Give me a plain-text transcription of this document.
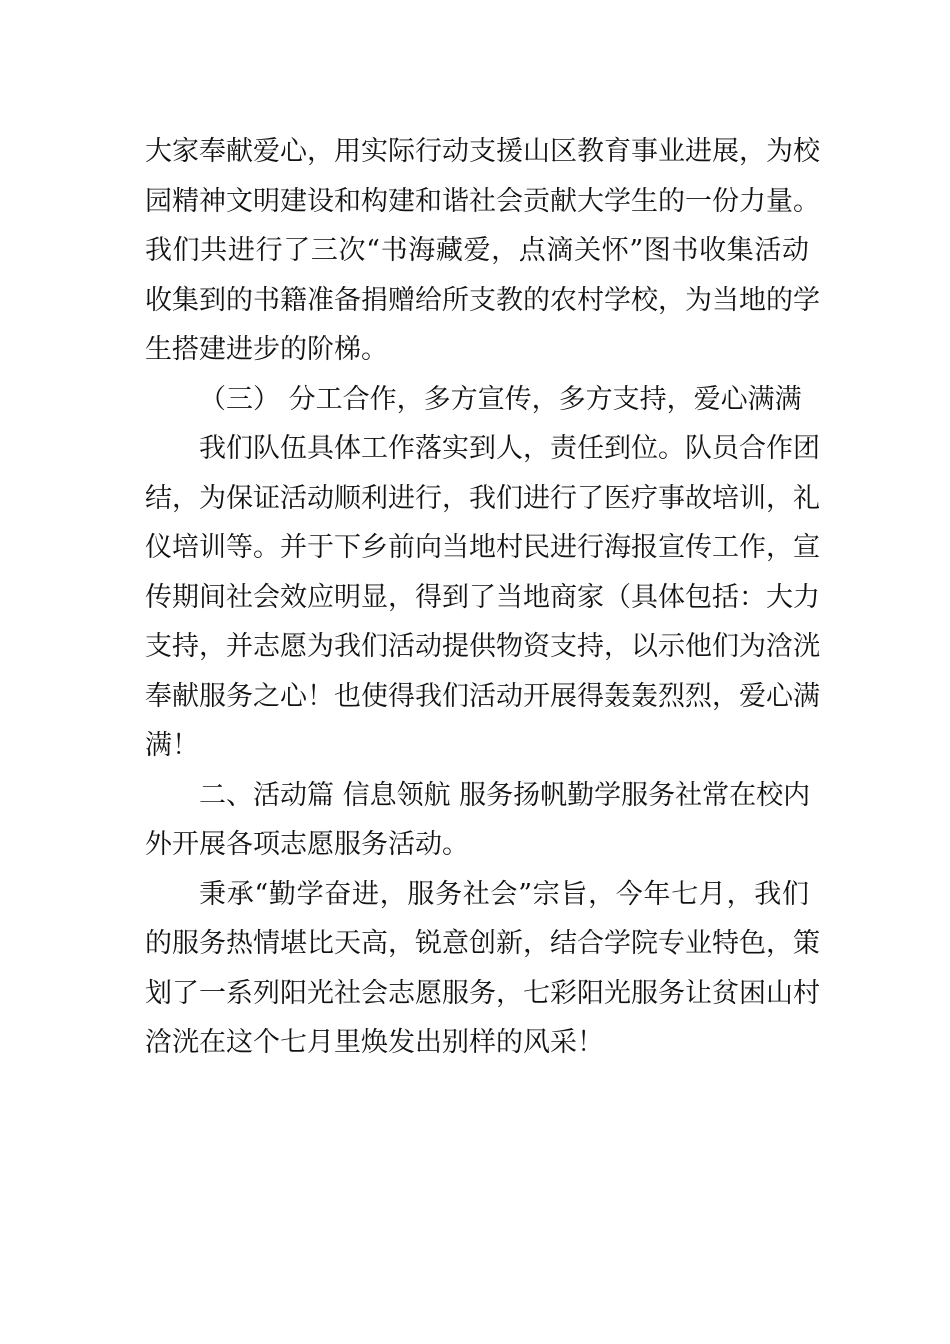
大家奉献爱心，用实际行动支援山区教育事业进展，为校
园精神文明建设和构建和谐社会贡献大学生的一份力量。
我们共进行了三次“书海藏爱，点滴关怀”图书收集活动
收集到的书籍准备捐赠给所支教的农村学校，为当地的学
生搭建进步的阶梯。
（三） 分工合作，多方宣传，多方支持，爱心满满
我们队伍具体工作落实到人，责任到位。队员合作团
结，为保证活动顺利进行，我们进行了医疗事故培训，礼
仪培训等。并于下乡前向当地村民进行海报宣传工作，宣
传期间社会效应明显，得到了当地商家（具体包括：大力
支持，并志愿为我们活动提供物资支持，以示他们为浛洸
奉献服务之心！也使得我们活动开展得轰轰烈烈，爱心满
满！
二、活动篇 信息领航 服务扬帆勤学服务社常在校内
外开展各项志愿服务活动。
秉承“勤学奋进，服务社会”宗旨，今年七月，我们
的服务热情堪比天高，锐意创新，结合学院专业特色，策
划了一系列阳光社会志愿服务，七彩阳光服务让贫困山村
浛洸在这个七月里焕发出别样的风采！
